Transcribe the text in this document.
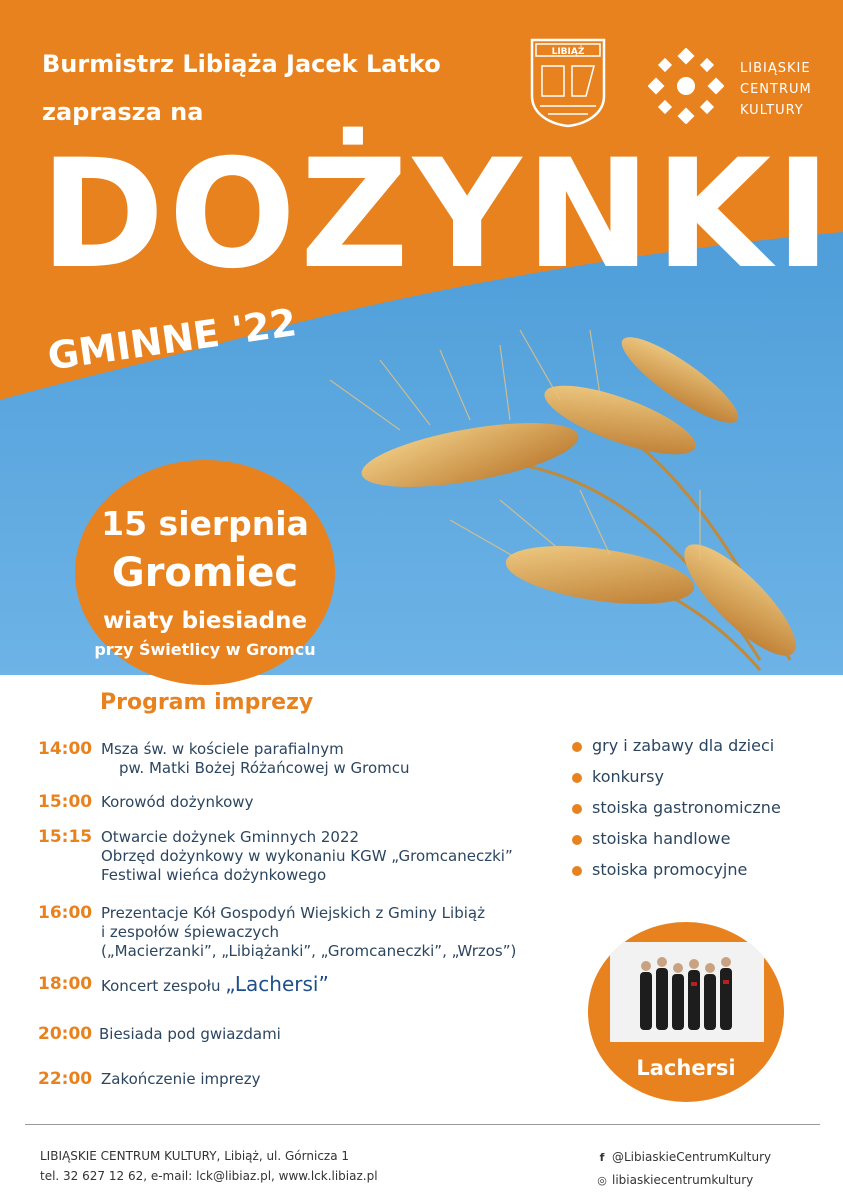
Burmistrz Libiąża Jacek Latko
zaprasza na
LIBIĄŻ
LIBIĄSKIE
CENTRUM
KULTURY
DOŻYNKI
GMINNE '22
15 sierpnia
Gromiec
wiaty biesiadne
przy Świetlicy w Gromcu
Program imprezy
14:00 Msza św. w kościele parafialnym
pw. Matki Bożej Różańcowej w Gromcu
15:00 Korowód dożynkowy
15:15 Otwarcie dożynek Gminnych 2022
Obrzęd dożynkowy w wykonaniu KGW „Gromcaneczki”
Festiwal wieńca dożynkowego
16:00 Prezentacje Kół Gospodyń Wiejskich z Gminy Libiąż
i zespołów śpiewaczych
(„Macierzanki”, „Libiążanki”, „Gromcaneczki”, „Wrzos”)
18:00 Koncert zespołu „Lachersi”
20:00 Biesiada pod gwiazdami
22:00 Zakończenie imprezy
gry i zabawy dla dzieci
konkursy
stoiska gastronomiczne
stoiska handlowe
stoiska promocyjne
Lachersi
LIBIĄSKIE CENTRUM KULTURY, Libiąż, ul. Górnicza 1
tel. 32 627 12 62, e-mail: lck@libiaz.pl, www.lck.libiaz.pl
f @LibiaskieCentrumKultury
◎ libiaskiecentrumkultury
